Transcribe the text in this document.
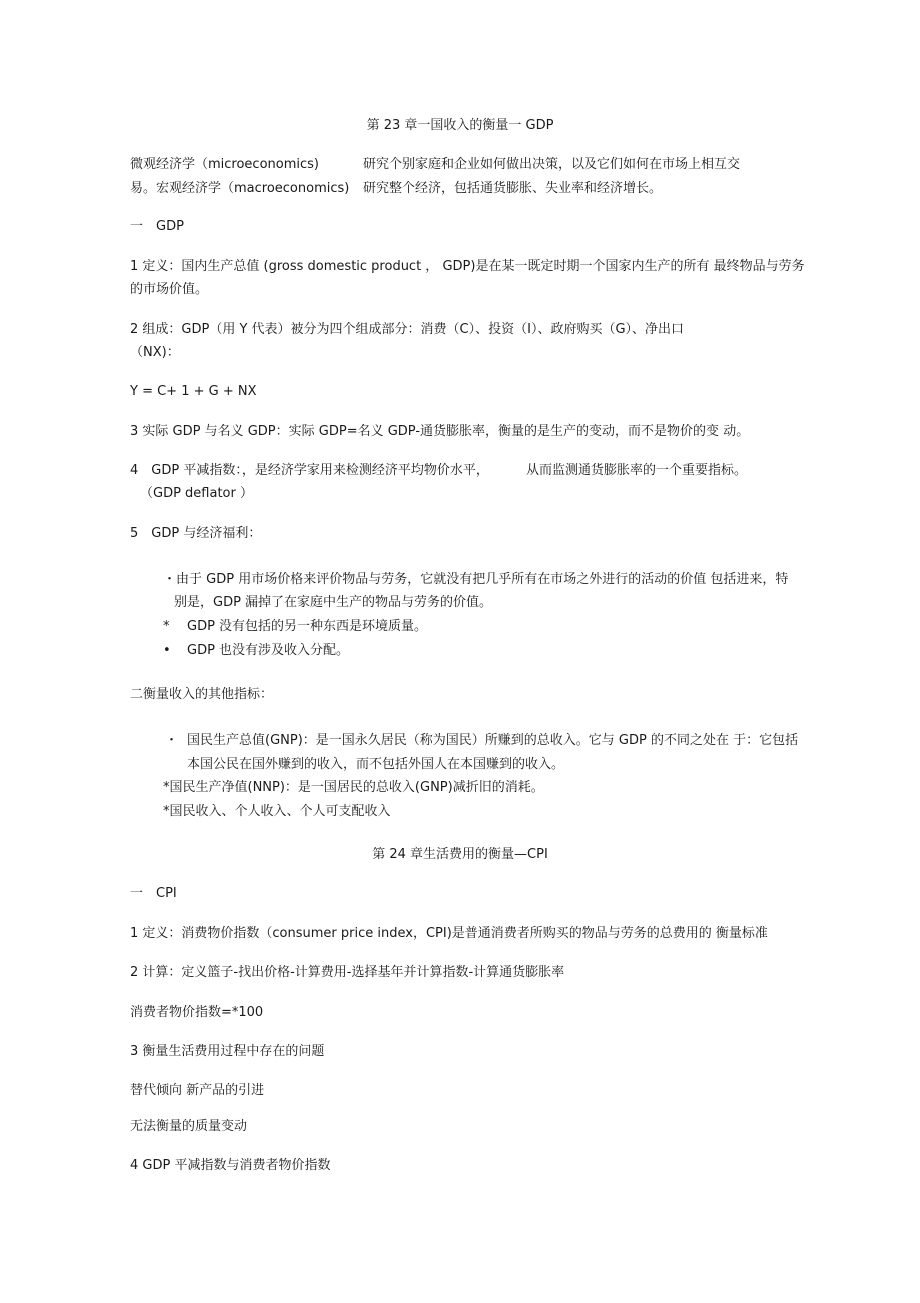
第 23 章一国收入的衡量一 GDP
微观经济学（microeconomics)	研究个别家庭和企业如何做出决策，以及它们如何在市场上相互交
易。宏观经济学（macroeconomics) 研究整个经济，包括通货膨胀、失业率和经济增长。
一　GDP
1 定义：国内生产总值 (gross domestic product ， GDP)是在某一既定时期一个国家内生产的所有 最终物品与劳务
的市场价值。
2 组成：GDP（用 Y 代表）被分为四个组成部分：消费（C）、投资（I）、政府购买（G）、净出口
（NX)：
Y = C+ 1 + G + NX
3 实际 GDP 与名义 GDP：实际 GDP=名义 GDP-通货膨胀率，衡量的是生产的变动，而不是物价的变 动。
4　GDP 平减指数：，是经济学家用来检测经济平均物价水平，	从而监测通货膨胀率的一个重要指标。
（GDP deflator ）
5　GDP 与经济福利：
・由于 GDP 用市场价格来评价物品与劳务，它就没有把几乎所有在市场之外进行的活动的价值 包括进来，特
别是，GDP 漏掉了在家庭中生产的物品与劳务的价值。
* GDP 没有包括的另一种东西是环境质量。
• GDP 也没有涉及收入分配。
二衡量收入的其他指标：
・ 国民生产总值(GNP)：是一国永久居民（称为国民）所赚到的总收入。它与 GDP 的不同之处在 于：它包括
本国公民在国外赚到的收入，而不包括外国人在本国赚到的收入。
*国民生产净值(NNP)：是一国居民的总收入(GNP)减折旧的消耗。
*国民收入、个人收入、个人可支配收入
第 24 章生活费用的衡量—CPI
一　CPI
1 定义：消费物价指数（consumer price index，CPI)是普通消费者所购买的物品与劳务的总费用的 衡量标准
2 计算：定义篮子-找出价格-计算费用-选择基年并计算指数-计算通货膨胀率
消费者物价指数=*100
3 衡量生活费用过程中存在的问题
替代倾向 新产品的引进
无法衡量的质量变动
4 GDP 平减指数与消费者物价指数
